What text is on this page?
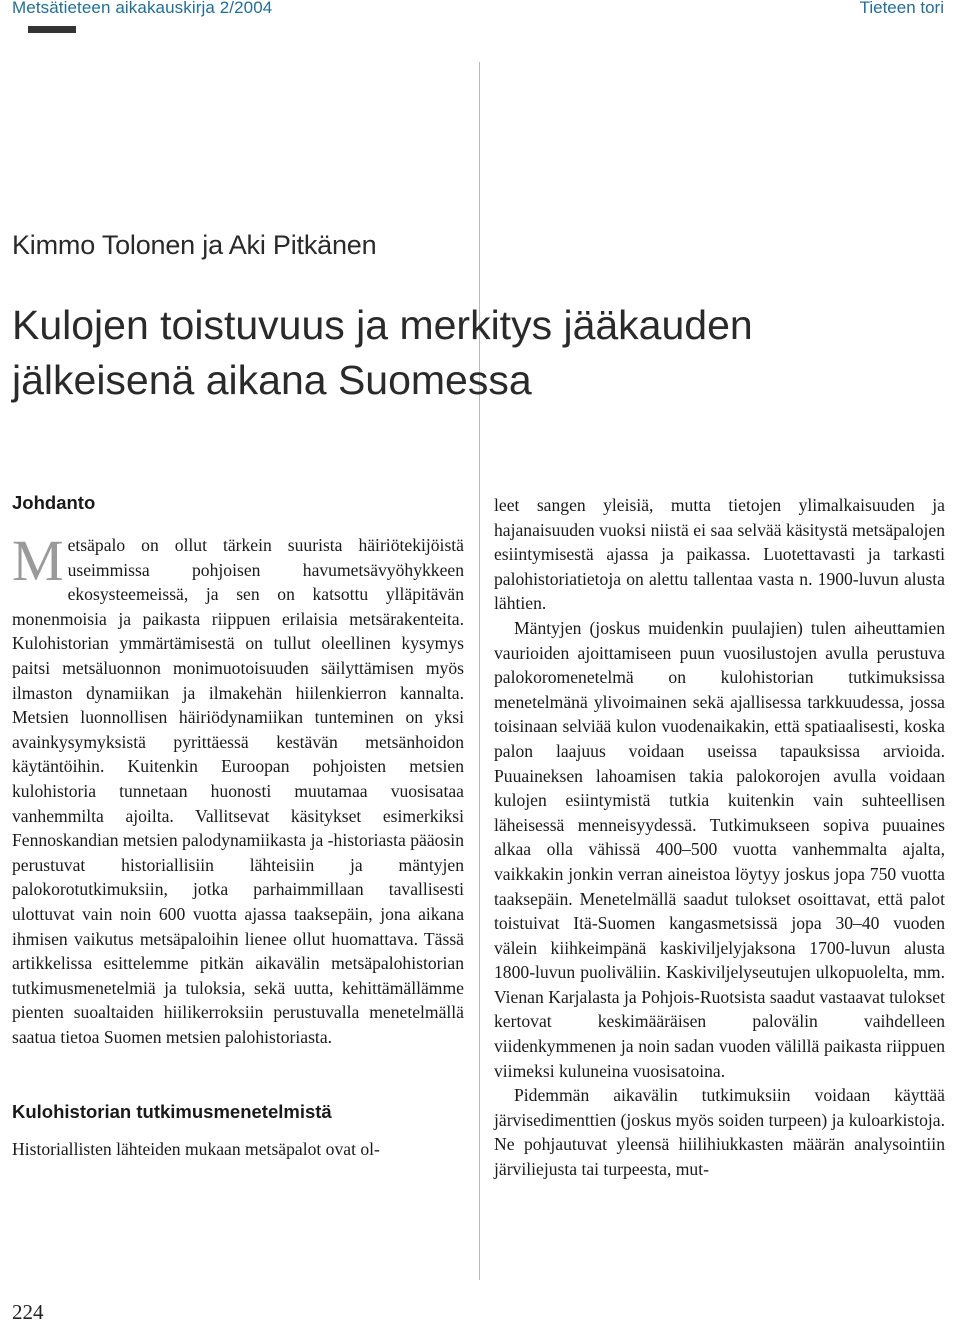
Metsätieteen aikakauskirja 2/2004	Tieteen tori
Kimmo Tolonen ja Aki Pitkänen
Kulojen toistuvuus ja merkitys jääkauden
jälkeisenä aikana Suomessa
Johdanto

Metsäpalo on ollut tärkein suurista häiriötekijöistä useimmissa pohjoisen havumetsävyöhykkeen ekosysteemeissä, ja sen on katsottu ylläpitävän monenmoisia ja paikasta riippuen erilaisia metsärakenteita. Kulohistorian ymmärtämisestä on tullut oleellinen kysymys paitsi metsäluonnon monimuotoisuuden säilyttämisen myös ilmaston dynamiikan ja ilmakehän hiilenkierron kannalta. Metsien luonnollisen häiriödynamiikan tunteminen on yksi avainkysymyksistä pyrittäessä kestävän metsänhoidon käytäntöihin. Kuitenkin Euroopan pohjoisten metsien kulohistoria tunnetaan huonosti muutamaa vuosisataa vanhemmilta ajoilta. Vallitsevat käsitykset esimerkiksi Fennoskandian metsien palodynamiikasta ja -historiasta pääosin perustuvat historiallisiin lähteisiin ja mäntyjen palokorotutkimuksiin, jotka parhaimmillaan tavallisesti ulottuvat vain noin 600 vuotta ajassa taaksepäin, jona aikana ihmisen vaikutus metsäpaloihin lienee ollut huomattava. Tässä artikkelissa esittelemme pitkän aikavälin metsäpalohistorian tutkimusmenetelmiä ja tuloksia, sekä uutta, kehittämällämme pienten suoaltaiden hiilikerroksiin perustuvalla menetelmällä saatua tietoa Suomen metsien palohistoriasta.

Kulohistorian tutkimusmenetelmistä

Historiallisten lähteiden mukaan metsäpalot ovat ol-

leet sangen yleisiä, mutta tietojen ylimalkaisuuden ja hajanaisuuden vuoksi niistä ei saa selvää käsitystä metsäpalojen esiintymisestä ajassa ja paikassa. Luotettavasti ja tarkasti palohistoriatietoja on alettu tallentaa vasta n. 1900-luvun alusta lähtien.

Mäntyjen (joskus muidenkin puulajien) tulen aiheuttamien vaurioiden ajoittamiseen puun vuosilustojen avulla perustuva palokoromenetelmä on kulohistorian tutkimuksissa menetelmänä ylivoimainen sekä ajallisessa tarkkuudessa, jossa toisinaan selviää kulon vuodenaikakin, että spatiaalisesti, koska palon laajuus voidaan useissa tapauksissa arvioida. Puuaineksen lahoamisen takia palokorojen avulla voidaan kulojen esiintymistä tutkia kuitenkin vain suhteellisen läheisessä menneisyydessä. Tutkimukseen sopiva puuaines alkaa olla vähissä 400–500 vuotta vanhemmalta ajalta, vaikkakin jonkin verran aineistoa löytyy joskus jopa 750 vuotta taaksepäin. Menetelmällä saadut tulokset osoittavat, että palot toistuivat Itä-Suomen kangasmetsissä jopa 30–40 vuoden välein kiihkeimpänä kaskiviljelyjaksona 1700-luvun alusta 1800-luvun puoliväliin. Kaskiviljelyseutujen ulkopuolelta, mm. Vienan Karjalasta ja Pohjois-Ruotsista saadut vastaavat tulokset kertovat keskimääräisen palovälin vaihdelleen viidenkymmenen ja noin sadan vuoden välillä paikasta riippuen viimeksi kuluneina vuosisatoina.

Pidemmän aikavälin tutkimuksiin voidaan käyttää järvisedimenttien (joskus myös soiden turpeen) ja kuloarkistoja. Ne pohjautuvat yleensä hiilihiukkasten määrän analysointiin järviliejusta tai turpeesta, mut-

224
